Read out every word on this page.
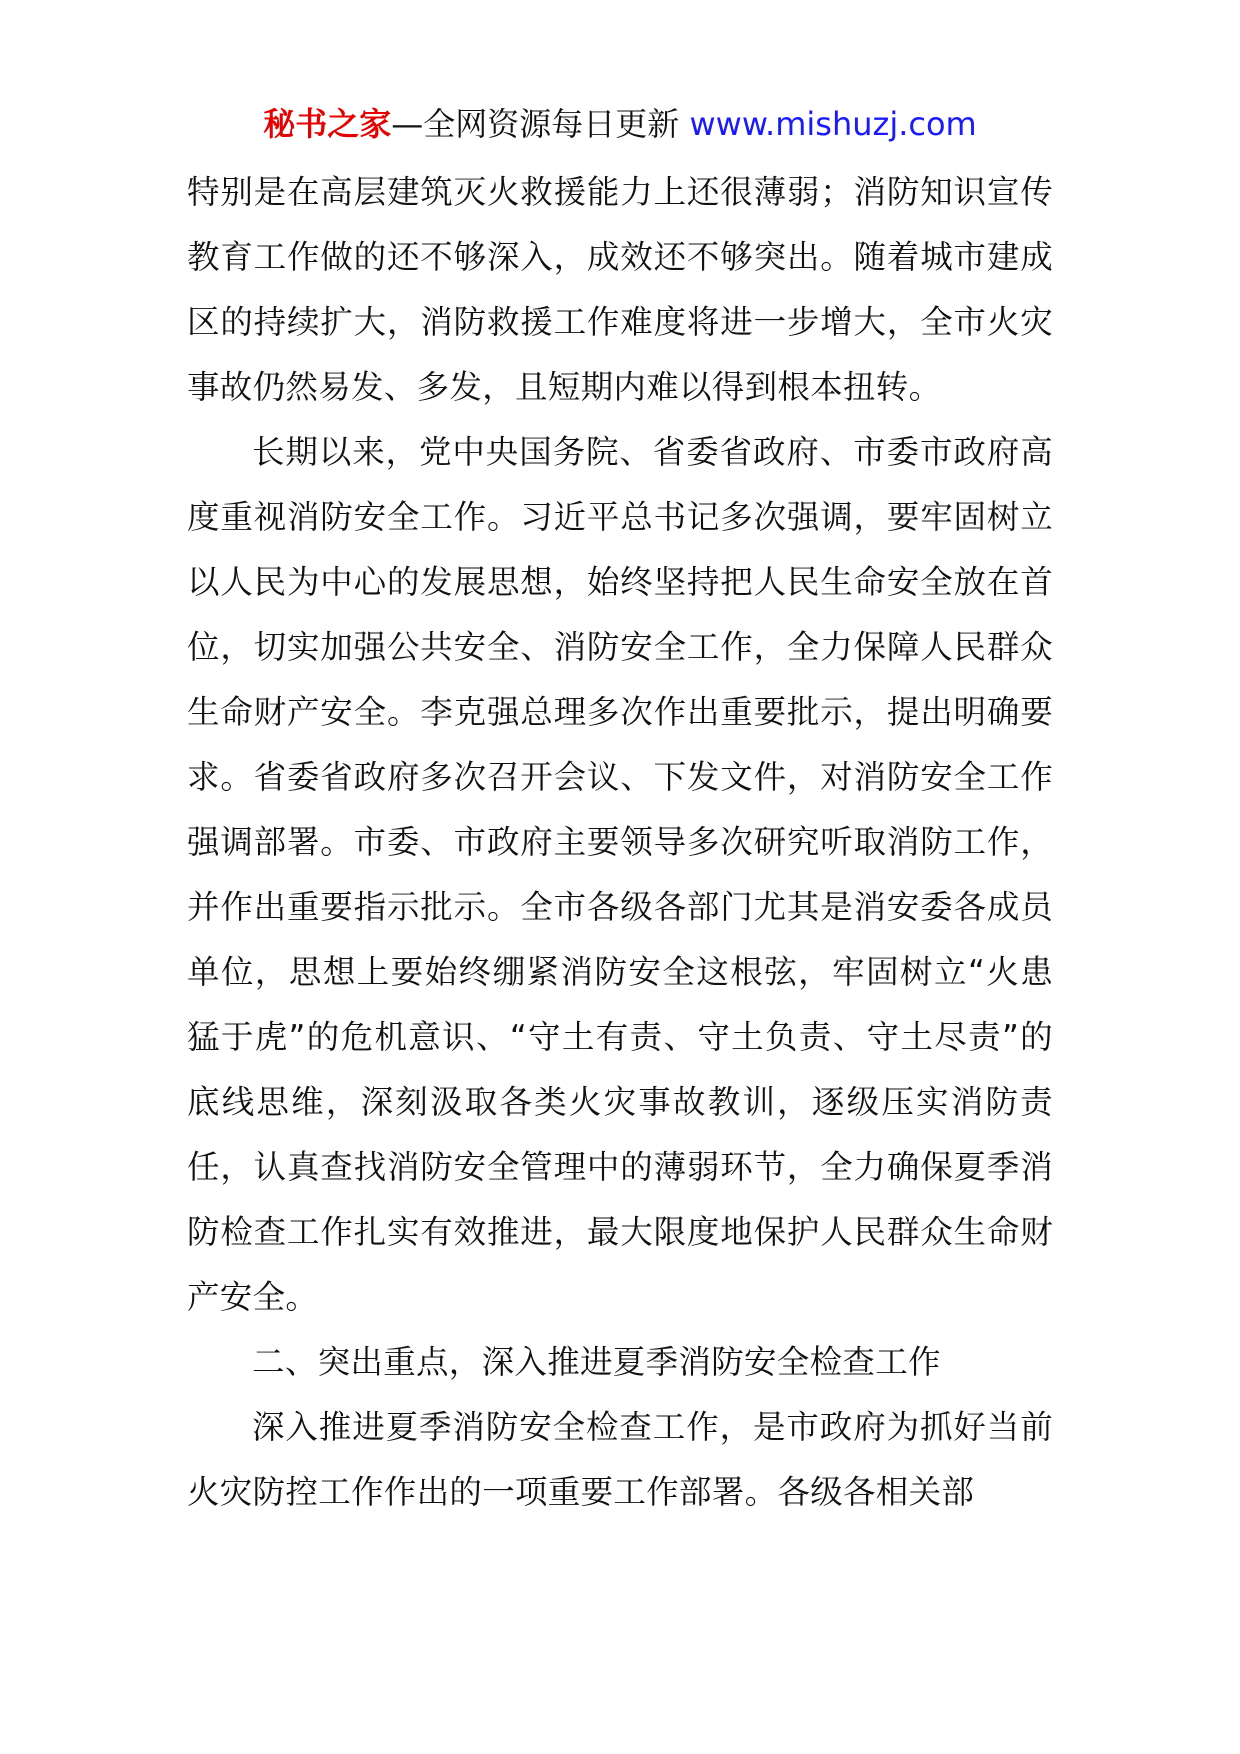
秘书之家—全网资源每日更新 www.mishuzj.com

特别是在高层建筑灭火救援能力上还很薄弱；消防知识宣传教育工作做的还不够深入，成效还不够突出。随着城市建成区的持续扩大，消防救援工作难度将进一步增大，全市火灾事故仍然易发、多发，且短期内难以得到根本扭转。

长期以来，党中央国务院、省委省政府、市委市政府高度重视消防安全工作。习近平总书记多次强调，要牢固树立以人民为中心的发展思想，始终坚持把人民生命安全放在首位，切实加强公共安全、消防安全工作，全力保障人民群众生命财产安全。李克强总理多次作出重要批示，提出明确要求。省委省政府多次召开会议、下发文件，对消防安全工作强调部署。市委、市政府主要领导多次研究听取消防工作，并作出重要指示批示。全市各级各部门尤其是消安委各成员单位，思想上要始终绷紧消防安全这根弦，牢固树立“火患猛于虎”的危机意识、“守土有责、守土负责、守土尽责”的底线思维，深刻汲取各类火灾事故教训，逐级压实消防责任，认真查找消防安全管理中的薄弱环节，全力确保夏季消防检查工作扎实有效推进，最大限度地保护人民群众生命财产安全。

二、突出重点，深入推进夏季消防安全检查工作

深入推进夏季消防安全检查工作，是市政府为抓好当前火灾防控工作作出的一项重要工作部署。各级各相关部
